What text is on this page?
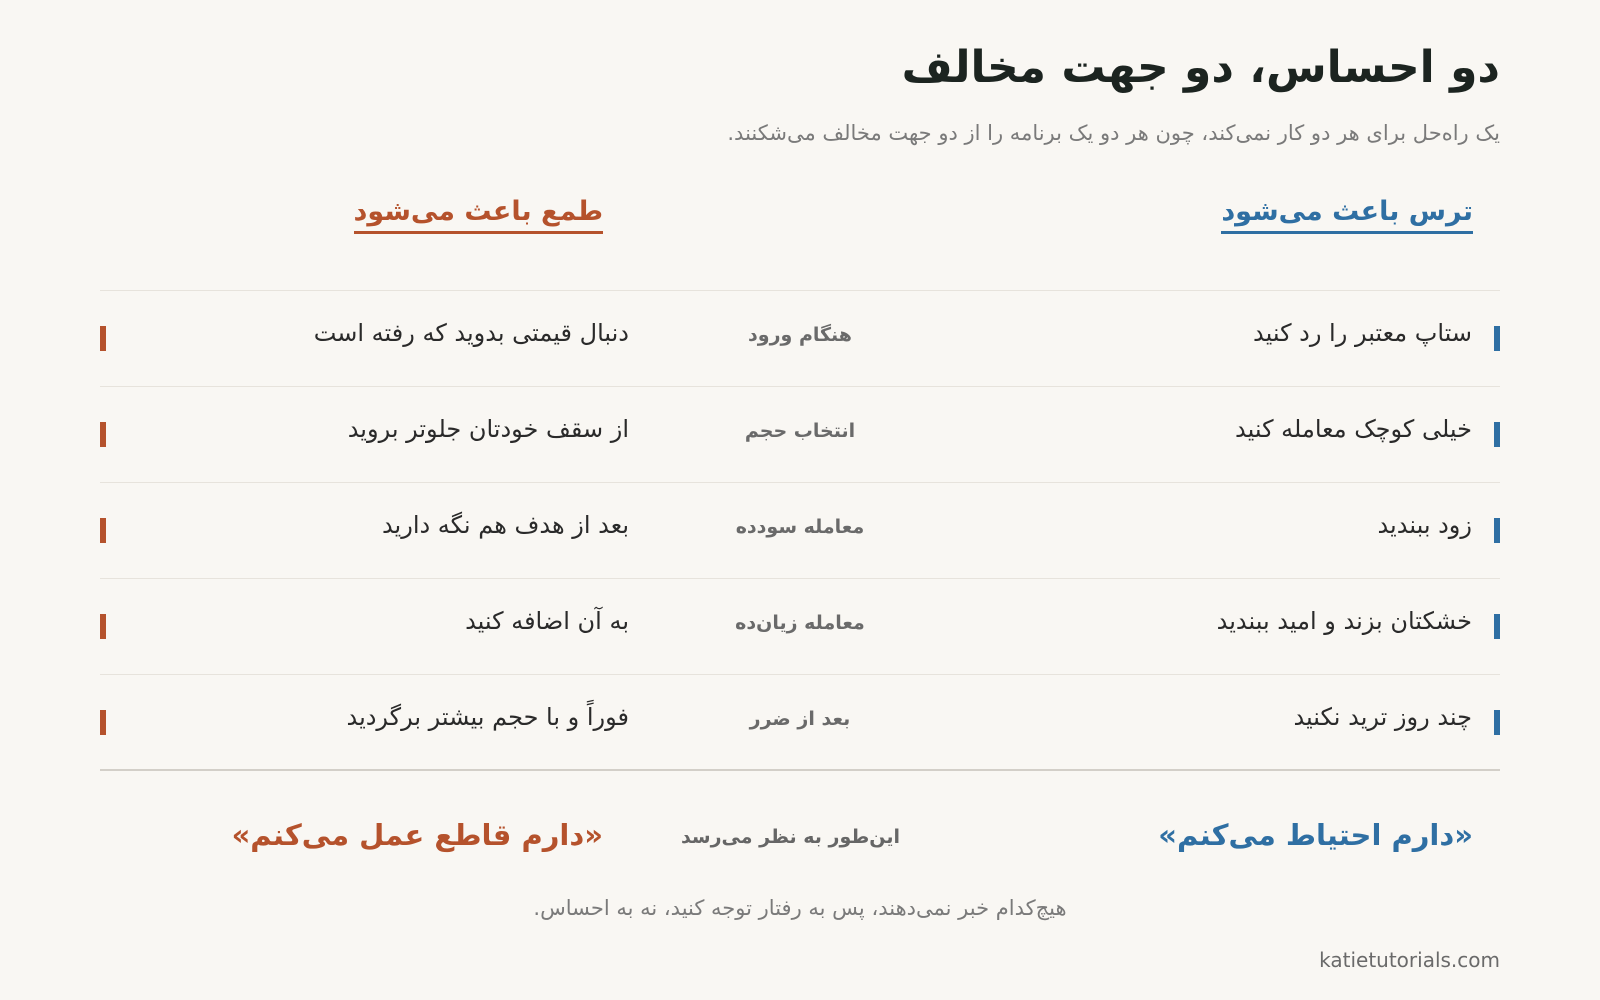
دو احساس، دو جهت مخالف
یک راه‌حل برای هر دو کار نمی‌کند، چون هر دو یک برنامه را از دو جهت مخالف می‌شکنند.
ترس باعث می‌شود
طمع باعث می‌شود
ستاپ معتبر را رد کنید
هنگام ورود
دنبال قیمتی بدوید که رفته است
خیلی کوچک معامله کنید
انتخاب حجم
از سقف خودتان جلوتر بروید
زود ببندید
معامله سودده
بعد از هدف هم نگه دارید
خشکتان بزند و امید ببندید
معامله زیان‌ده
به آن اضافه کنید
چند روز ترید نکنید
بعد از ضرر
فوراً و با حجم بیشتر برگردید
«دارم احتیاط می‌کنم»
این‌طور به نظر می‌رسد
«دارم قاطع عمل می‌کنم»
هیچ‌کدام خبر نمی‌دهند، پس به رفتار توجه کنید، نه به احساس.
katietutorials.com
